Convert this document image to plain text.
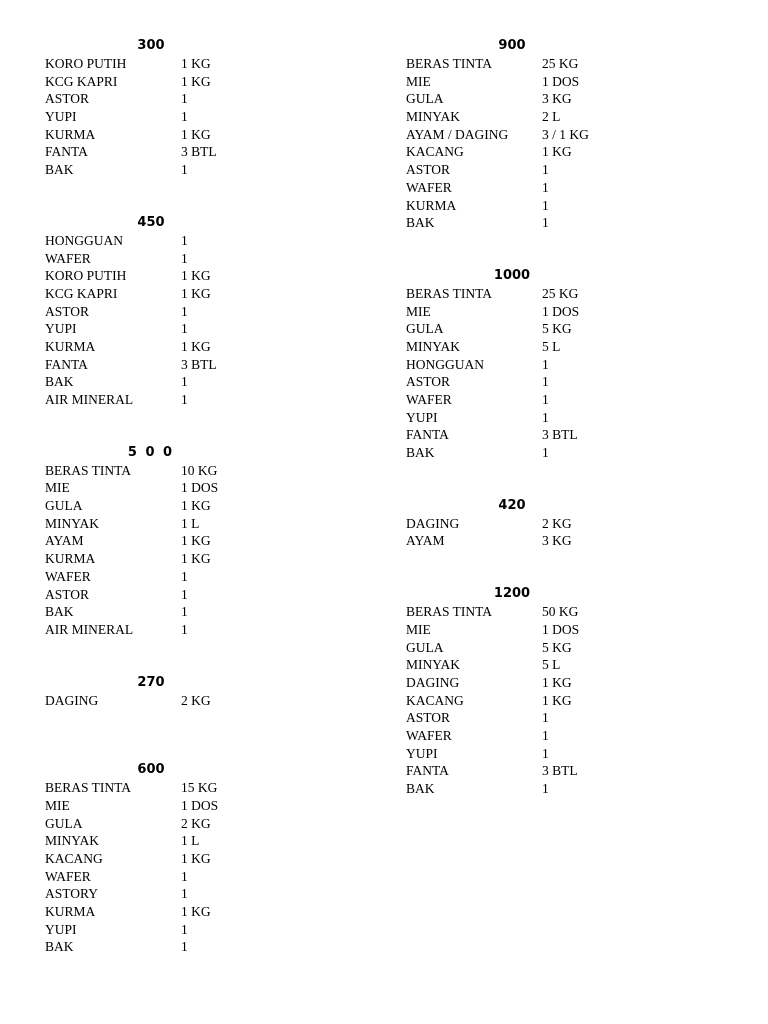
300
KORO PUTIH	1 KG
KCG KAPRI	1 KG
ASTOR	1
YUPI	1
KURMA	1 KG
FANTA	3 BTL
BAK	1
450
HONGGUAN	1
WAFER	1
KORO PUTIH	1 KG
KCG KAPRI	1 KG
ASTOR	1
YUPI	1
KURMA	1 KG
FANTA	3 BTL
BAK	1
AIR MINERAL	1
5 0 0
BERAS TINTA	10 KG
MIE	1 DOS
GULA	1 KG
MINYAK	1 L
AYAM	1 KG
KURMA	1 KG
WAFER	1
ASTOR	1
BAK	1
AIR MINERAL	1
270
DAGING	2 KG
600
BERAS TINTA	15 KG
MIE	1 DOS
GULA	2 KG
MINYAK	1 L
KACANG	1 KG
WAFER	1
ASTORY	1
KURMA	1 KG
YUPI	1
BAK	1
900
BERAS TINTA	25 KG
MIE	1 DOS
GULA	3 KG
MINYAK	2 L
AYAM / DAGING 3 / 1 KG
KACANG	1 KG
ASTOR	1
WAFER	1
KURMA	1
BAK	1
1000
BERAS TINTA	25 KG
MIE	1 DOS
GULA	5 KG
MINYAK	5 L
HONGGUAN	1
ASTOR	1
WAFER	1
YUPI	1
FANTA	3 BTL
BAK	1
420
DAGING	2 KG
AYAM	3 KG
1200
BERAS TINTA	50 KG
MIE	1 DOS
GULA	5 KG
MINYAK	5 L
DAGING	1 KG
KACANG	1 KG
ASTOR	1
WAFER	1
YUPI	1
FANTA	3 BTL
BAK	1
